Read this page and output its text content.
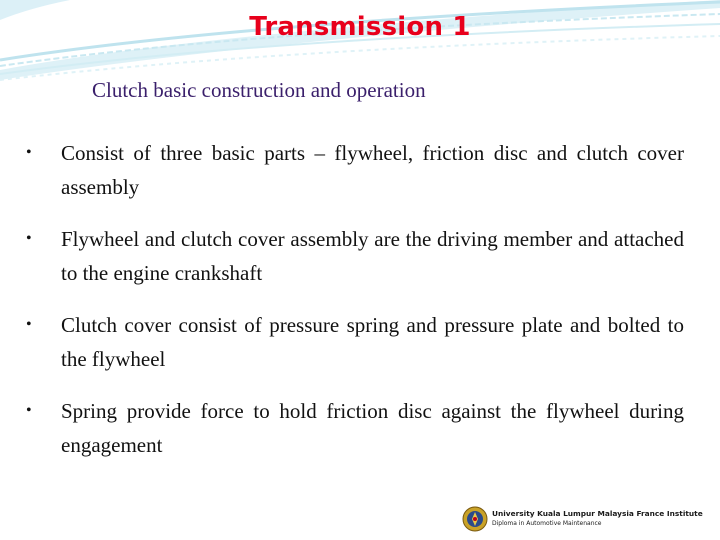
Transmission 1
Clutch basic construction and operation
• Consist of three basic parts – flywheel, friction disc and clutch cover assembly
• Flywheel and clutch cover assembly are the driving member and attached to the engine crankshaft
• Clutch cover consist of pressure spring and pressure plate and bolted to the flywheel
• Spring provide force to hold friction disc against the flywheel during engagement
University Kuala Lumpur Malaysia France Institute
Diploma in Automotive Maintenance
